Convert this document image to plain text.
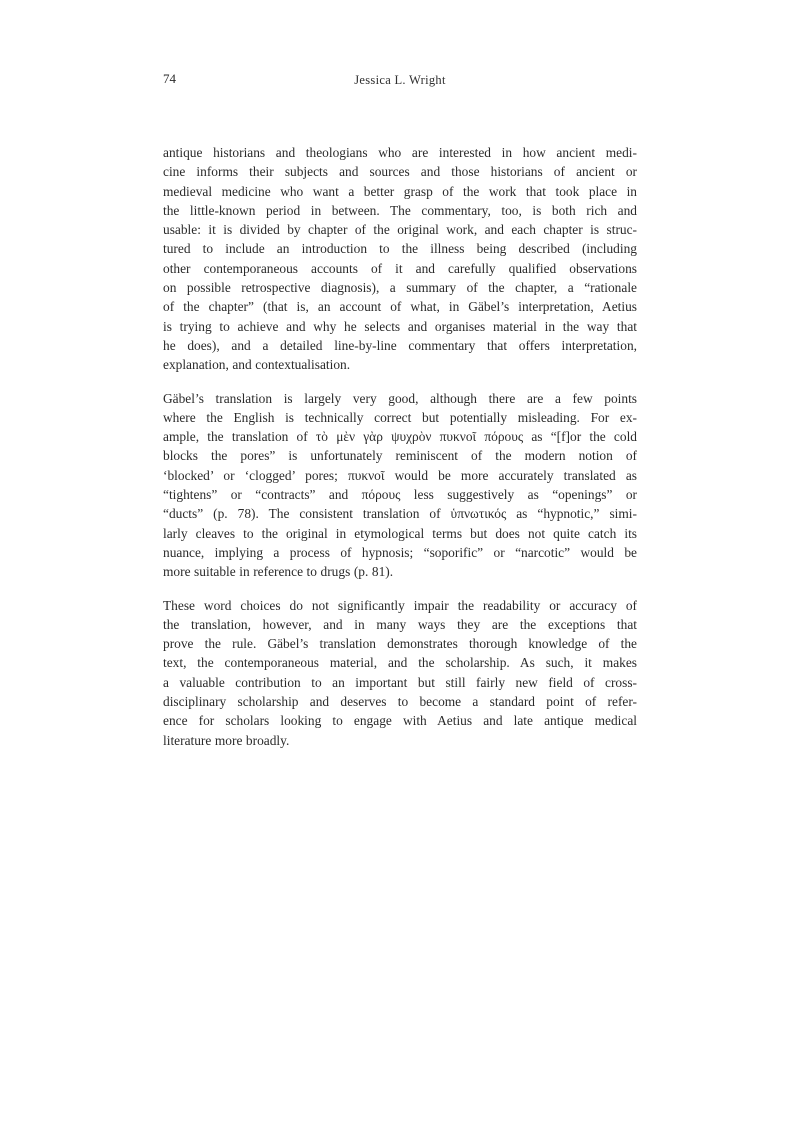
74	Jessica L. Wright
antique historians and theologians who are interested in how ancient medi-
cine informs their subjects and sources and those historians of ancient or
medieval medicine who want a better grasp of the work that took place in
the little-known period in between. The commentary, too, is both rich and
usable: it is divided by chapter of the original work, and each chapter is struc-
tured to include an introduction to the illness being described (including
other contemporaneous accounts of it and carefully qualified observations
on possible retrospective diagnosis), a summary of the chapter, a “rationale
of the chapter” (that is, an account of what, in Gäbel’s interpretation, Aetius
is trying to achieve and why he selects and organises material in the way that
he does), and a detailed line-by-line commentary that offers interpretation,
explanation, and contextualisation.
Gäbel’s translation is largely very good, although there are a few points
where the English is technically correct but potentially misleading. For ex-
ample, the translation of τὸ μὲν γὰρ ψυχρὸν πυκνοῖ πόρους as “[f]or the cold
blocks the pores” is unfortunately reminiscent of the modern notion of
‘blocked’ or ‘clogged’ pores; πυκνοῖ would be more accurately translated as
“tightens” or “contracts” and πόρους less suggestively as “openings” or
“ducts” (p. 78). The consistent translation of ὑπνωτικός as “hypnotic,” simi-
larly cleaves to the original in etymological terms but does not quite catch its
nuance, implying a process of hypnosis; “soporific” or “narcotic” would be
more suitable in reference to drugs (p. 81).
These word choices do not significantly impair the readability or accuracy of
the translation, however, and in many ways they are the exceptions that
prove the rule. Gäbel’s translation demonstrates thorough knowledge of the
text, the contemporaneous material, and the scholarship. As such, it makes
a valuable contribution to an important but still fairly new field of cross-
disciplinary scholarship and deserves to become a standard point of refer-
ence for scholars looking to engage with Aetius and late antique medical
literature more broadly.
